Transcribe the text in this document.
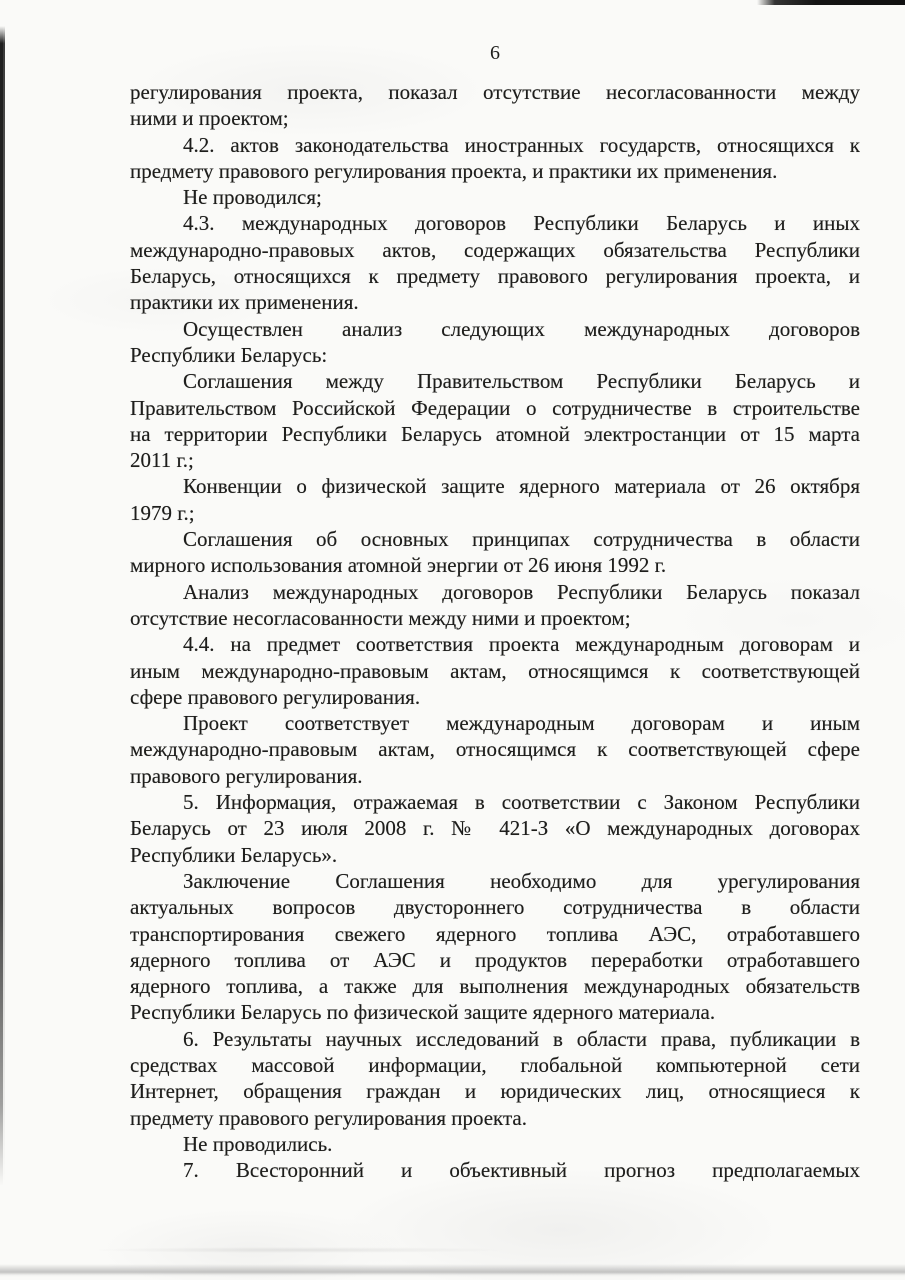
6
регулирования проекта, показал отсутствие несогласованности между
ними и проектом;
4.2. актов законодательства иностранных государств, относящихся к
предмету правового регулирования проекта, и практики их применения.
Не проводился;
4.3. международных договоров Республики Беларусь и иных
международно-правовых актов, содержащих обязательства Республики
Беларусь, относящихся к предмету правового регулирования проекта, и
практики их применения.
Осуществлен анализ следующих международных договоров
Республики Беларусь:
Соглашения между Правительством Республики Беларусь и
Правительством Российской Федерации о сотрудничестве в строительстве
на территории Республики Беларусь атомной электростанции от 15 марта
2011 г.;
Конвенции о физической защите ядерного материала от 26 октября
1979 г.;
Соглашения об основных принципах сотрудничества в области
мирного использования атомной энергии от 26 июня 1992 г.
Анализ международных договоров Республики Беларусь показал
отсутствие несогласованности между ними и проектом;
4.4. на предмет соответствия проекта международным договорам и
иным международно-правовым актам, относящимся к соответствующей
сфере правового регулирования.
Проект соответствует международным договорам и иным
международно-правовым актам, относящимся к соответствующей сфере
правового регулирования.
5. Информация, отражаемая в соответствии с Законом Республики
Беларусь от 23 июля 2008 г. № 421-З «О международных договорах
Республики Беларусь».
Заключение Соглашения необходимо для урегулирования
актуальных вопросов двустороннего сотрудничества в области
транспортирования свежего ядерного топлива АЭС, отработавшего
ядерного топлива от АЭС и продуктов переработки отработавшего
ядерного топлива, а также для выполнения международных обязательств
Республики Беларусь по физической защите ядерного материала.
6. Результаты научных исследований в области права, публикации в
средствах массовой информации, глобальной компьютерной сети
Интернет, обращения граждан и юридических лиц, относящиеся к
предмету правового регулирования проекта.
Не проводились.
7. Всесторонний и объективный прогноз предполагаемых
